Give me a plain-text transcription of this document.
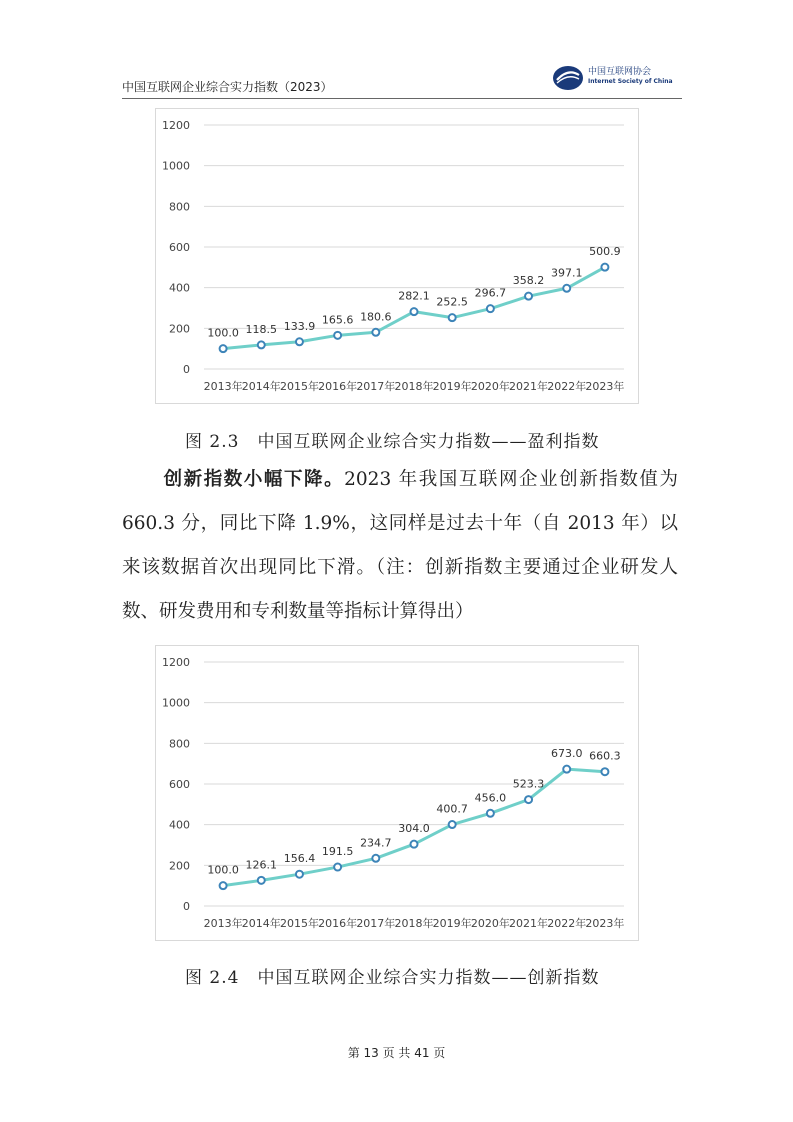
中国互联网企业综合实力指数（2023）
中国互联网协会
Internet Society of China
0
200
400
600
800
1000
1200
2013年 2014年 2015年 2016年 2017年 2018年 2019年 2020年 2021年 2022年 2023年
100.0 118.5 133.9 165.6 180.6
282.1 252.5
296.7
358.2
397.1
500.9
图 2.3　中国互联网企业综合实力指数——盈利指数
创新指数小幅下降。2023 年我国互联网企业创新指数值为 660.3 分，同比下降 1.9%，这同样是过去十年（自 2013 年）以来该数据首次出现同比下滑。（注：创新指数主要通过企业研发人数、研发费用和专利数量等指标计算得出）
0
200
400
600
800
1000
1200
2013年 2014年 2015年 2016年 2017年 2018年 2019年 2020年 2021年 2022年 2023年
100.0 126.1 156.4
191.5
234.7
304.0
400.7
456.0
523.3
673.0 660.3
图 2.4　中国互联网企业综合实力指数——创新指数
第 13 页 共 41 页
